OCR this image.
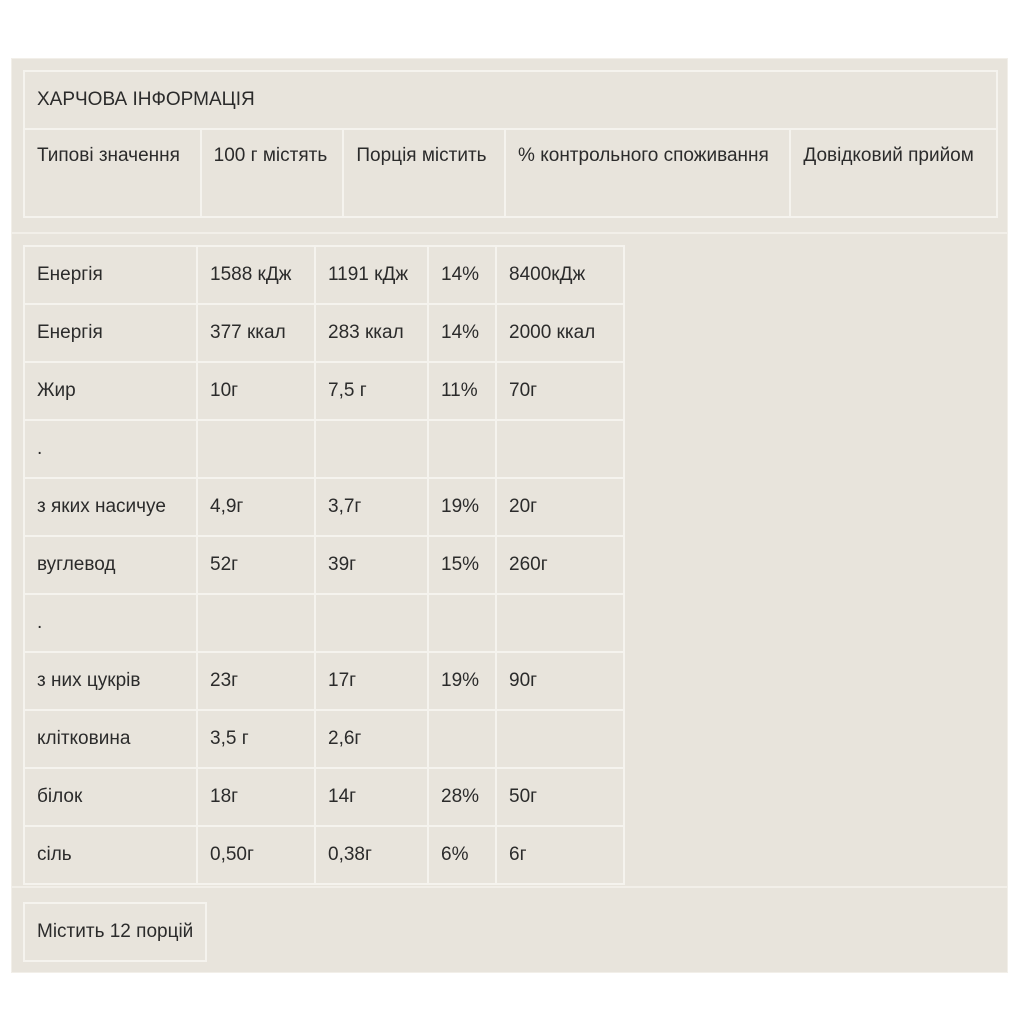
ХАРЧОВА ІНФОРМАЦІЯ
Типові значення	100 г містять	Порція містить	% контрольного споживання	Довідковий прийом
Енергія	1588 кДж	1191 кДж	14%	8400кДж
Енергія	377 ккал	283 ккал	14%	2000 ккал
Жир	10г	7,5 г	11%	70г
.				
з яких насичуе	4,9г	3,7г	19%	20г
вуглевод	52г	39г	15%	260г
.				
з них цукрів	23г	17г	19%	90г
клітковина	3,5 г	2,6г		
білок	18г	14г	28%	50г
сіль	0,50г	0,38г	6%	6г
Містить 12 порцій
